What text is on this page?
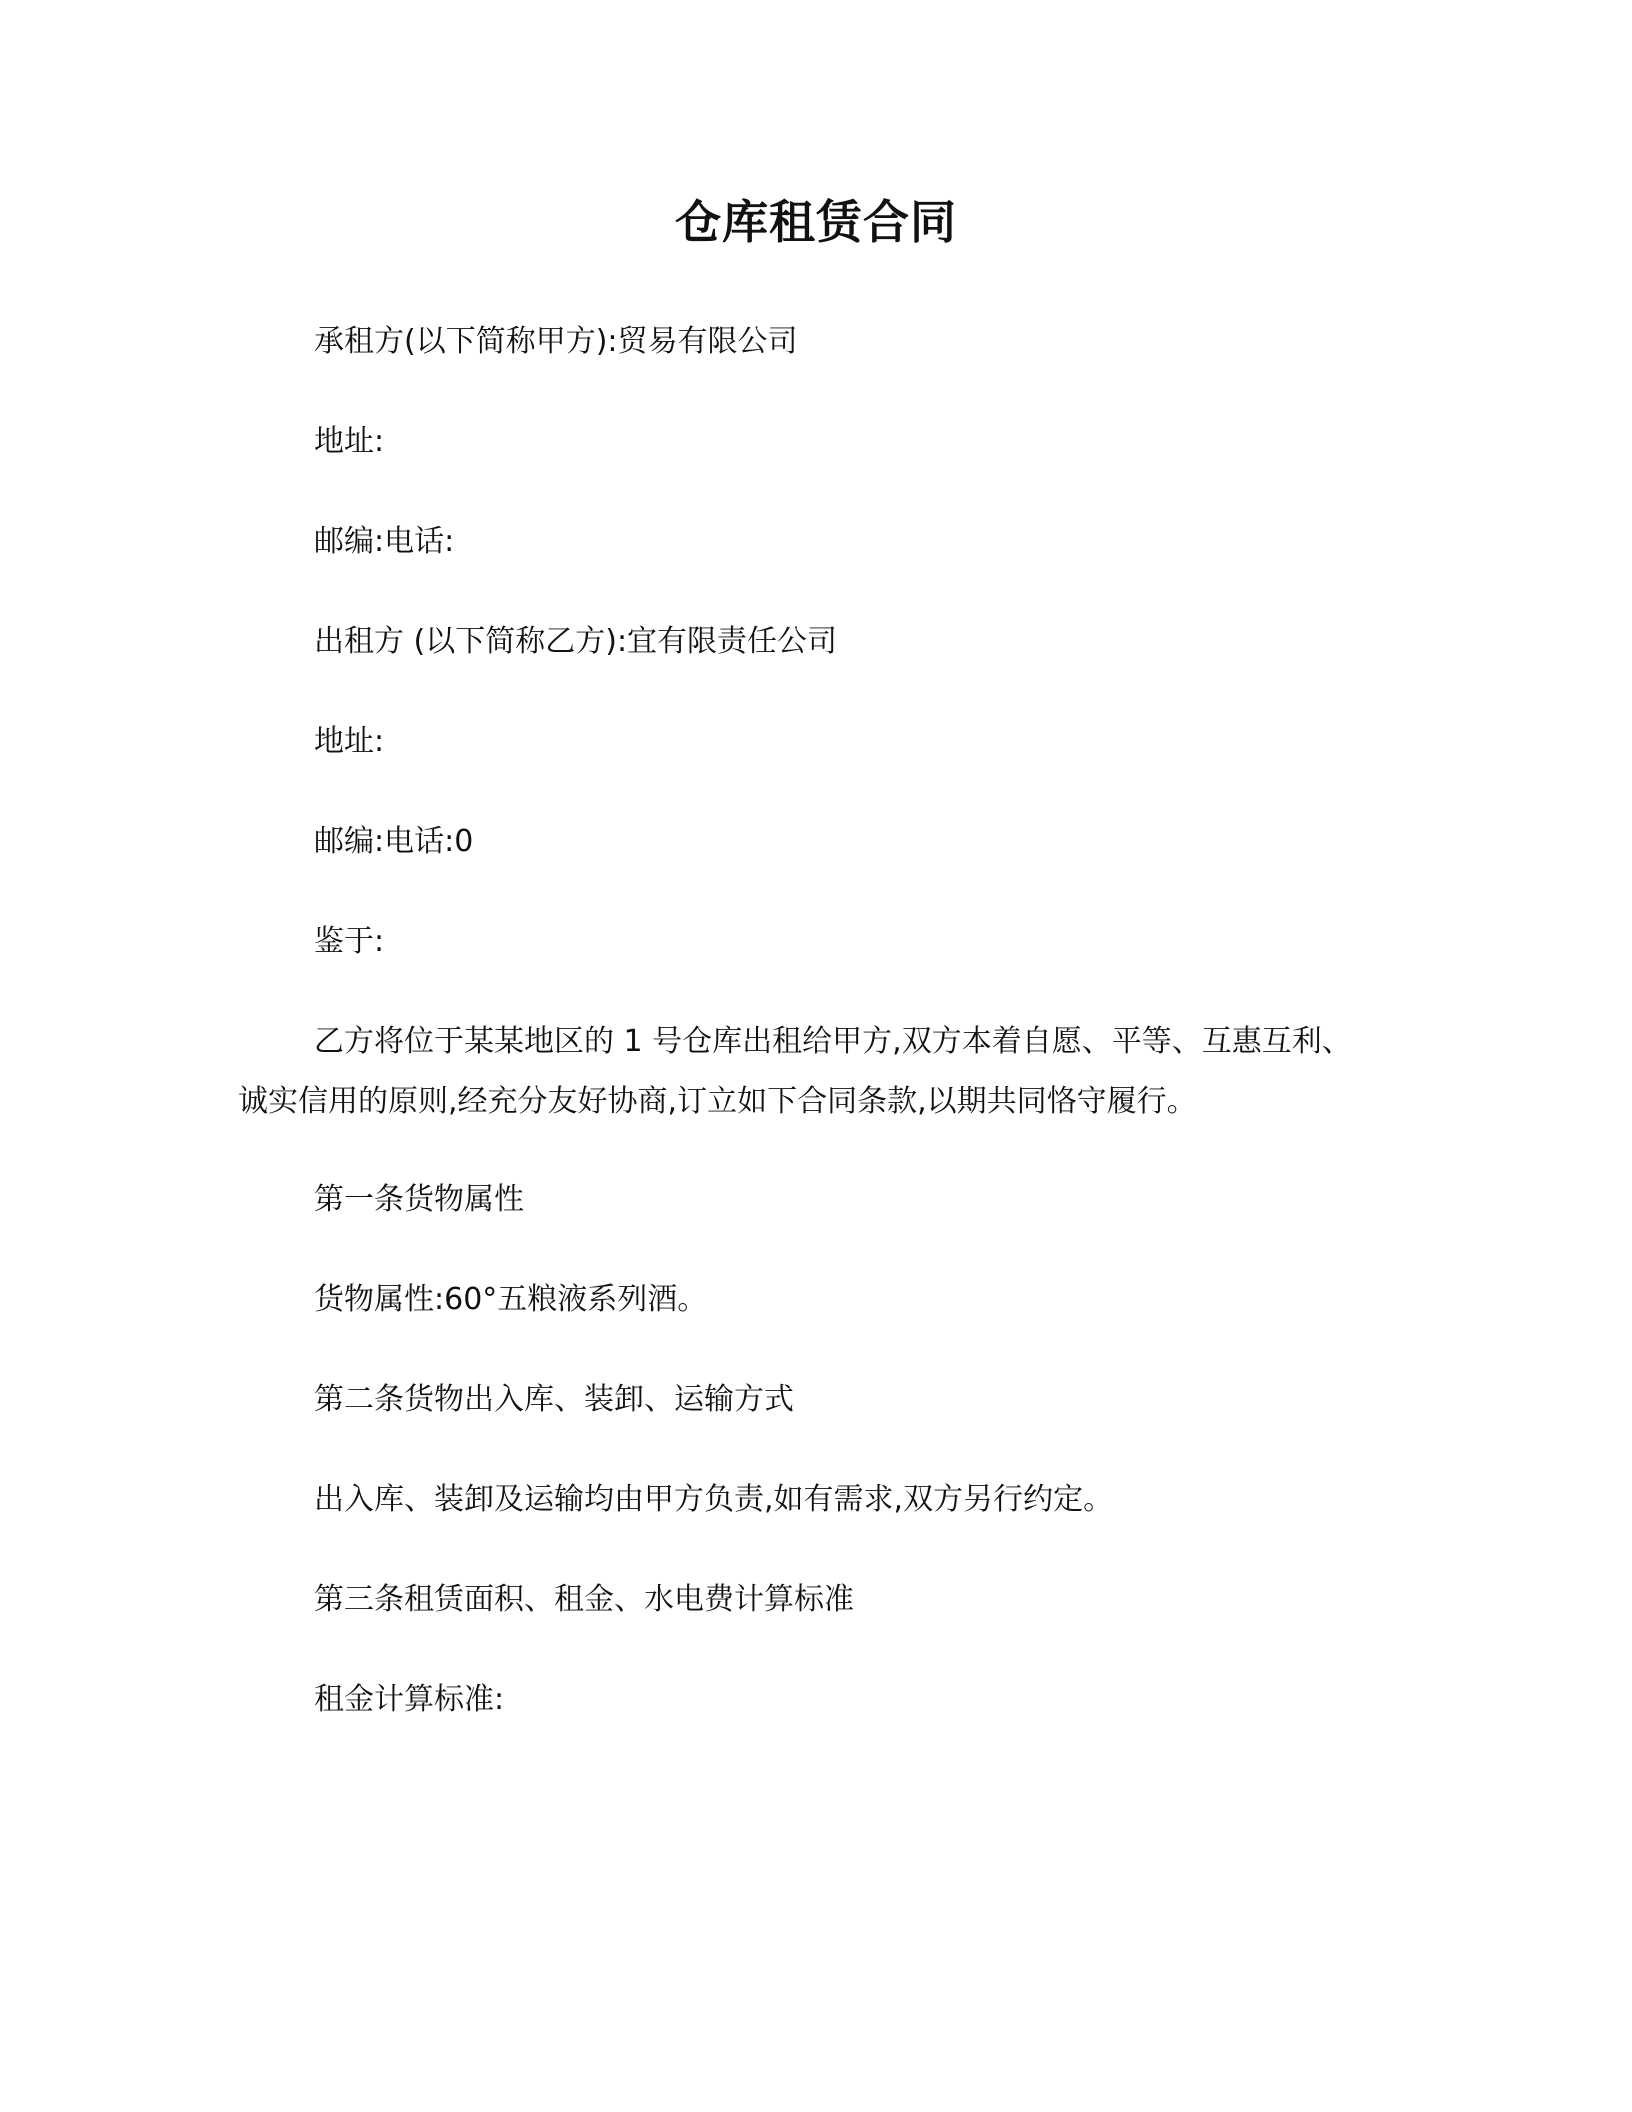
仓库租赁合同
承租方(以下简称甲方):贸易有限公司
地址:
邮编:电话:
出租方 (以下简称乙方):宜有限责任公司
地址:
邮编:电话:0
鉴于:
乙方将位于某某地区的 1 号仓库出租给甲方,双方本着自愿、平等、互惠互利、诚实信用的原则,经充分友好协商,订立如下合同条款,以期共同恪守履行。
第一条货物属性
货物属性:60°五粮液系列酒。
第二条货物出入库、装卸、运输方式
出入库、装卸及运输均由甲方负责,如有需求,双方另行约定。
第三条租赁面积、租金、水电费计算标准
租金计算标准:
